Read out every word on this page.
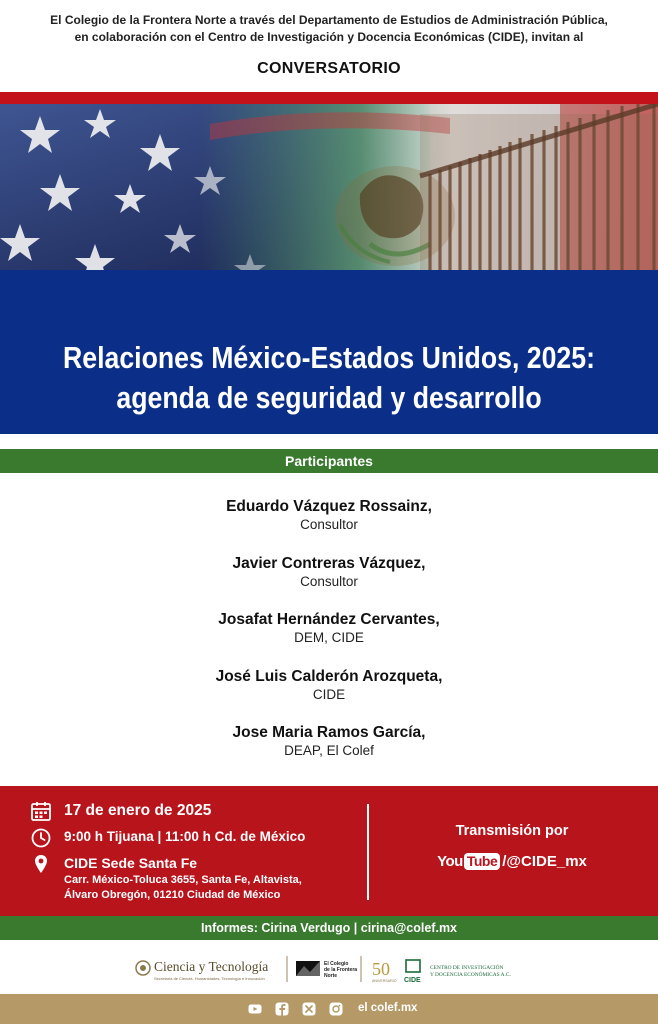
El Colegio de la Frontera Norte a través del Departamento de Estudios de Administración Pública,
en colaboración con el Centro de Investigación y Docencia Económicas (CIDE), invitan al
CONVERSATORIO
Relaciones México-Estados Unidos, 2025:
agenda de seguridad y desarrollo
Participantes
Eduardo Vázquez Rossainz,
Consultor
Javier Contreras Vázquez,
Consultor
Josafat Hernández Cervantes,
DEM, CIDE
José Luis Calderón Arozqueta,
CIDE
Jose Maria Ramos García,
DEAP, El Colef
17 de enero de 2025
9:00 h Tijuana | 11:00 h Cd. de México
CIDE Sede Santa Fe
Carr. México-Toluca 3655, Santa Fe, Altavista,
Álvaro Obregón, 01210 Ciudad de México
Transmisión por
You Tube /@CIDE_mx
Informes: Cirina Verdugo | cirina@colef.mx
Ciencia y Tecnología
Secretaría de Ciencia, Humanidades, Tecnología e Innovación
El Colegio
de la Frontera
Norte 50
ANIVERSARIO CIDE
CENTRO DE INVESTIGACIÓN
Y DOCENCIA ECONÓMICAS A.C.
el colef.mx
